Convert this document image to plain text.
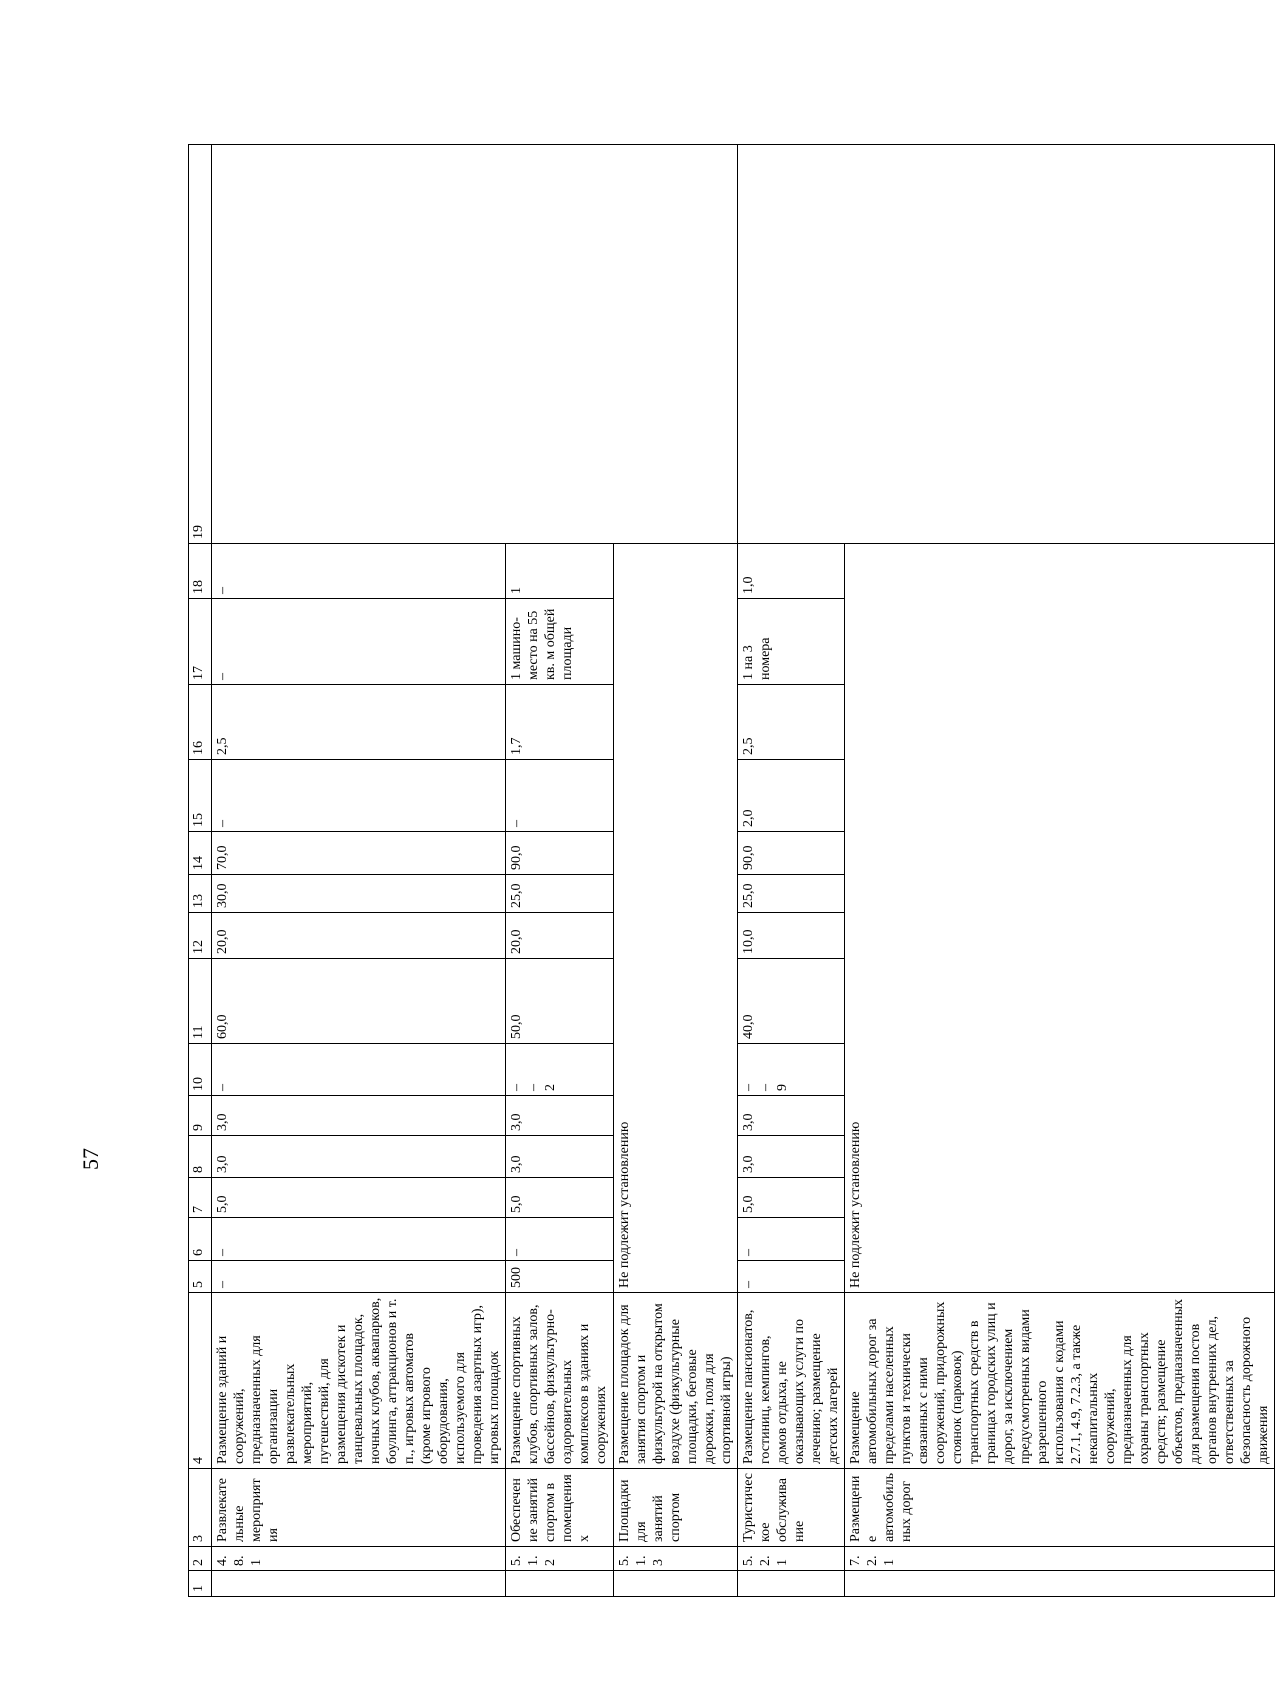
57
1	2	3	4	5	6	7	8	9	10	11	12	13	14	15	16	17	18	19
	4.8.1	Развлекательные мероприятия	Размещение зданий и сооружений, предназначенных для организации развлекательных мероприятий, путешествий, для размещения дискотек и танцевальных площадок, ночных клубов, аквапарков, боулинга, аттракционов и т. п., игровых автоматов (кроме игрового оборудования, используемого для проведения азартных игр), игровых площадок	–	–	5,0	3,0	3,0	–	60,0	20,0	30,0	70,0	–	2,5	–	–	
	5.1.2	Обеспечение занятий спортом в помещениях	Размещение спортивных клубов, спортивных залов, бассейнов, физкультурно-оздоровительных комплексов в зданиях и сооружениях	500	–	5,0	3,0	3,0	– – 2	50,0	20,0	25,0	90,0	–	1,7	1 машино-место на 55 кв. м общей площади	1	
	5.1.3	Площадки для занятий спортом	Размещение площадок для занятия спортом и физкультурой на открытом воздухе (физкультурные площадки, беговые дорожки, поля для спортивной игры)	Не подлежит установлению														
	5.2.1	Туристическое обслуживание	Размещение пансионатов, гостиниц, кемпингов, домов отдыха, не оказывающих услуги по лечению; размещение детских лагерей	–	–	5,0	3,0	3,0	– – 9	40,0	10,0	25,0	90,0	2,0	2,5	1 на 3 номера	1,0	
	7.2.1	Размещение автомобильных дорог	Размещение автомобильных дорог за пределами населенных пунктов и технически связанных с ними сооружений, придорожных стоянок (парковок) транспортных средств в границах городских улиц и дорог, за исключением предусмотренных видами разрешенного использования с кодами 2.7.1, 4.9, 7.2.3, а также некапитальных сооружений, предназначенных для охраны транспортных средств; размещение объектов, предназначенных для размещения постов органов внутренних дел, ответственных за безопасность дорожного движения	Не подлежит установлению														
